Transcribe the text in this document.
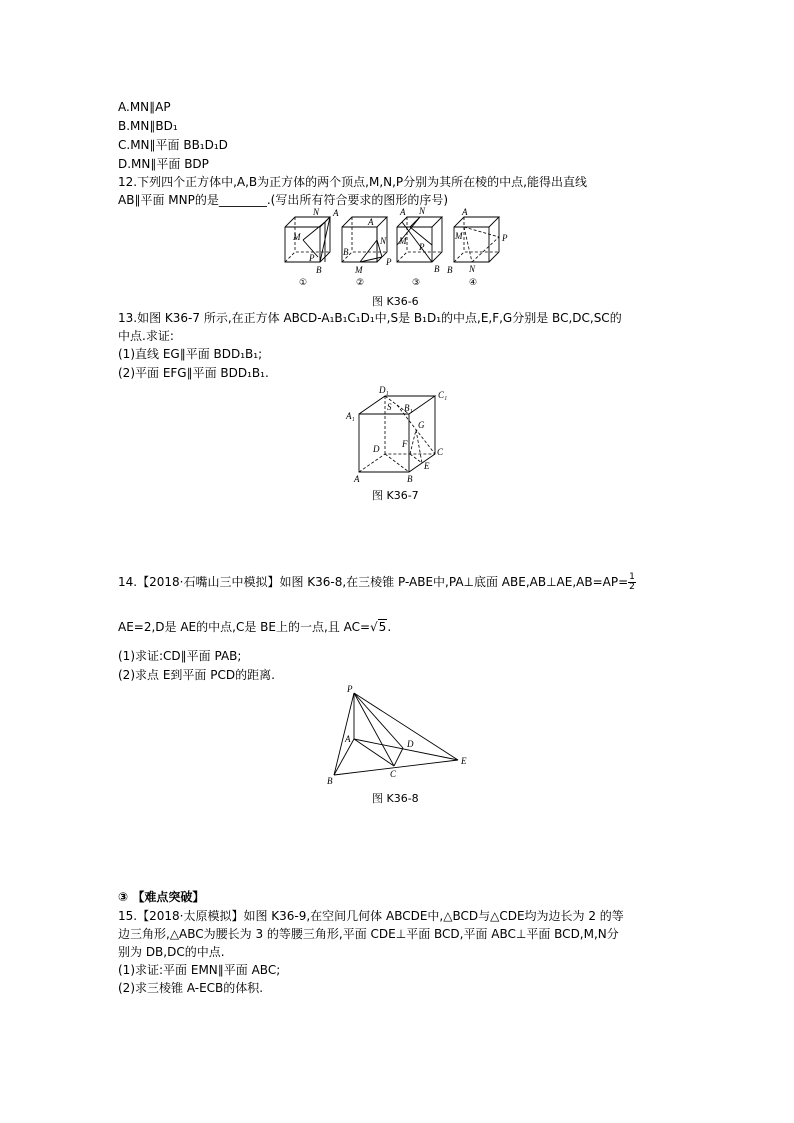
A.MN∥AP
B.MN∥BD₁
C.MN∥平面 BB₁D₁D
D.MN∥平面 BDP
12.下列四个正方体中,A,B为正方体的两个顶点,M,N,P分别为其所在棱的中点,能得出直线
AB∥平面 MNP的是________.(写出所有符合要求的图形的序号)
N A
M
P
B
A
N
M
B
P
A N
M
P
B
A
P
M
N
B
①	②	③	④
图 K36-6
13.如图 K36-7 所示,在正方体 ABCD-A₁B₁C₁D₁中,S是 B₁D₁的中点,E,F,G分别是 BC,DC,SC的
中点.求证:
(1)直线 EG∥平面 BDD₁B₁;
(2)平面 EFG∥平面 BDD₁B₁.
D₁	C₁
A₁
B₁
S
G
D	F
C
A	B
E
图 K36-7
14.【2018·石嘴山三中模拟】如图 K36-8,在三棱锥 P-ABE中,PA⊥底面 ABE,AB⊥AE,AB=AP= $\frac{1}{2}$
AE=2,D是 AE的中点,C是 BE上的一点,且 AC=√5.
(1)求证:CD∥平面 PAB;
(2)求点 E到平面 PCD的距离.
P
A	D
E
B
C
图 K36-8
③ 【难点突破】
15.【2018·太原模拟】如图 K36-9,在空间几何体 ABCDE中,△BCD与△CDE均为边长为 2 的等
边三角形,△ABC为腰长为 3 的等腰三角形,平面 CDE⊥平面 BCD,平面 ABC⊥平面 BCD,M,N分
别为 DB,DC的中点.
(1)求证:平面 EMN∥平面 ABC;
(2)求三棱锥 A-ECB的体积.
